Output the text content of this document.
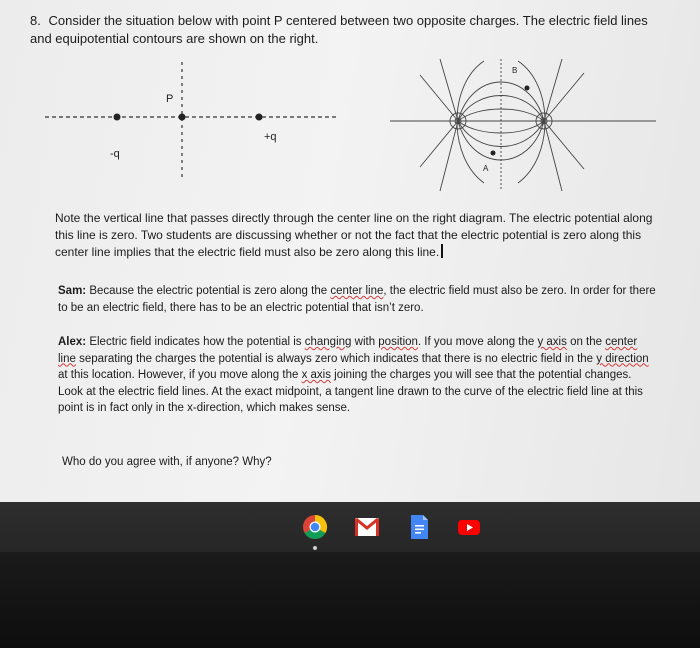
8. Consider the situation below with point P centered between two opposite charges. The electric field lines and equipotential contours are shown on the right.
P
-q
+q
B
A
Note the vertical line that passes directly through the center line on the right diagram. The electric potential along this line is zero. Two students are discussing whether or not the fact that the electric potential is zero along this center line implies that the electric field must also be zero along this line.
Sam: Because the electric potential is zero along the center line, the electric field must also be zero. In order for there to be an electric field, there has to be an electric potential that isn’t zero.
Alex: Electric field indicates how the potential is changing with position. If you move along the y axis on the center line separating the charges the potential is always zero which indicates that there is no electric field in the y direction at this location. However, if you move along the x axis joining the charges you will see that the potential changes. Look at the electric field lines. At the exact midpoint, a tangent line drawn to the curve of the electric field line at this point is in fact only in the x-direction, which makes sense.
Who do you agree with, if anyone? Why?
